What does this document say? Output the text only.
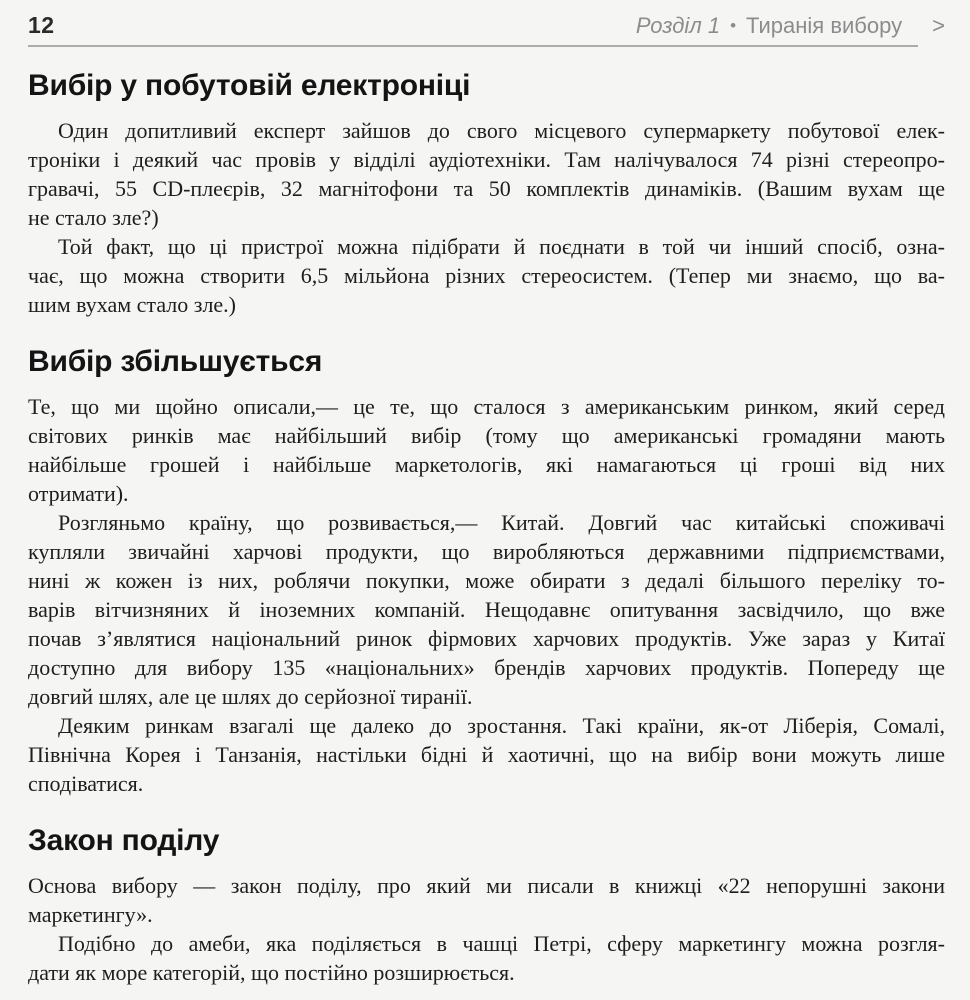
12	Розділ 1 • Тиранія вибору >
Вибір у побутовій електроніці

Один допитливий експерт зайшов до свого місцевого супермаркету побутової елек-
троніки і деякий час провів у відділі аудіотехніки. Там налічувалося 74 різні стереопро-
гравачі, 55 CD-плеєрів, 32 магнітофони та 50 комплектів динаміків. (Вашим вухам ще
не стало зле?)

Той факт, що ці пристрої можна підібрати й поєднати в той чи інший спосіб, озна-
чає, що можна створити 6,5 мільйона різних стереосистем. (Тепер ми знаємо, що ва-
шим вухам стало зле.)

Вибір збільшується

Те, що ми щойно описали,— це те, що сталося з американським ринком, який серед
світових ринків має найбільший вибір (тому що американські громадяни мають
найбільше грошей і найбільше маркетологів, які намагаються ці гроші від них
отримати).

Розгляньмо країну, що розвивається,— Китай. Довгий час китайські споживачі
купляли звичайні харчові продукти, що виробляються державними підприємствами,
нині ж кожен із них, роблячи покупки, може обирати з дедалі більшого переліку то-
варів вітчизняних й іноземних компаній. Нещодавнє опитування засвідчило, що вже
почав з’являтися національний ринок фірмових харчових продуктів. Уже зараз у Китаї
доступно для вибору 135 «національних» брендів харчових продуктів. Попереду ще
довгий шлях, але це шлях до серйозної тиранії.

Деяким ринкам взагалі ще далеко до зростання. Такі країни, як-от Ліберія, Сомалі,
Північна Корея і Танзанія, настільки бідні й хаотичні, що на вибір вони можуть лише
сподіватися.

Закон поділу

Основа вибору — закон поділу, про який ми писали в книжці «22 непорушні закони
маркетингу».

Подібно до амеби, яка поділяється в чашці Петрі, сферу маркетингу можна розгля-
дати як море категорій, що постійно розширюється.
